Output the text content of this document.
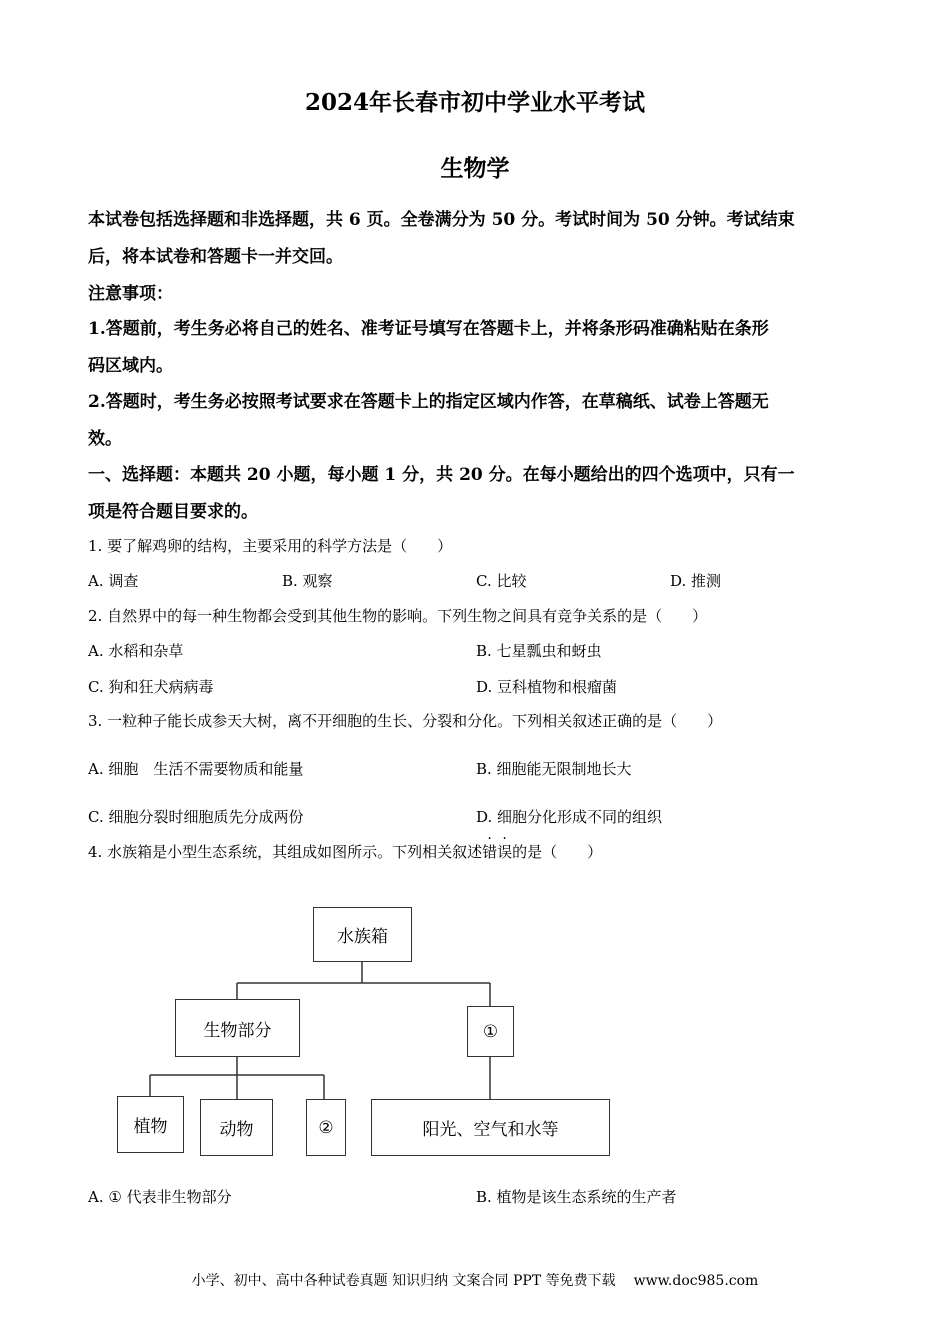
2024年长春市初中学业水平考试
生物学
本试卷包括选择题和非选择题，共 6 页。全卷满分为 50 分。考试时间为 50 分钟。考试结束
后，将本试卷和答题卡一并交回。
注意事项：
1.答题前，考生务必将自己的姓名、准考证号填写在答题卡上，并将条形码准确粘贴在条形
码区域内。
2.答题时，考生务必按照考试要求在答题卡上的指定区域内作答，在草稿纸、试卷上答题无
效。
一、选择题：本题共 20 小题，每小题 1 分，共 20 分。在每小题给出的四个选项中，只有一
项是符合题目要求的。
1. 要了解鸡卵的结构，主要采用的科学方法是（　　）
A. 调查	B. 观察	C. 比较	D. 推测
2. 自然界中的每一种生物都会受到其他生物的影响。下列生物之间具有竞争关系的是（　　）
A. 水稻和杂草	B. 七星瓢虫和蚜虫
C. 狗和狂犬病病毒	D. 豆科植物和根瘤菌
3. 一粒种子能长成参天大树，离不开细胞的生长、分裂和分化。下列相关叙述正确的是（　　）
A. 细胞　生活不需要物质和能量	B. 细胞能无限制地长大
C. 细胞分裂时细胞质先分成两份	D. 细胞分化形成不同的组织
4. 水族箱是小型生态系统，其组成如图所示。下列相关叙述错误的是（　　）
水族箱
生物部分	①
植物	动物	②	阳光、空气和水等
A. ① 代表非生物部分	B. 植物是该生态系统的生产者
小学、初中、高中各种试卷真题 知识归纳 文案合同 PPT 等免费下载 www.doc985.com
